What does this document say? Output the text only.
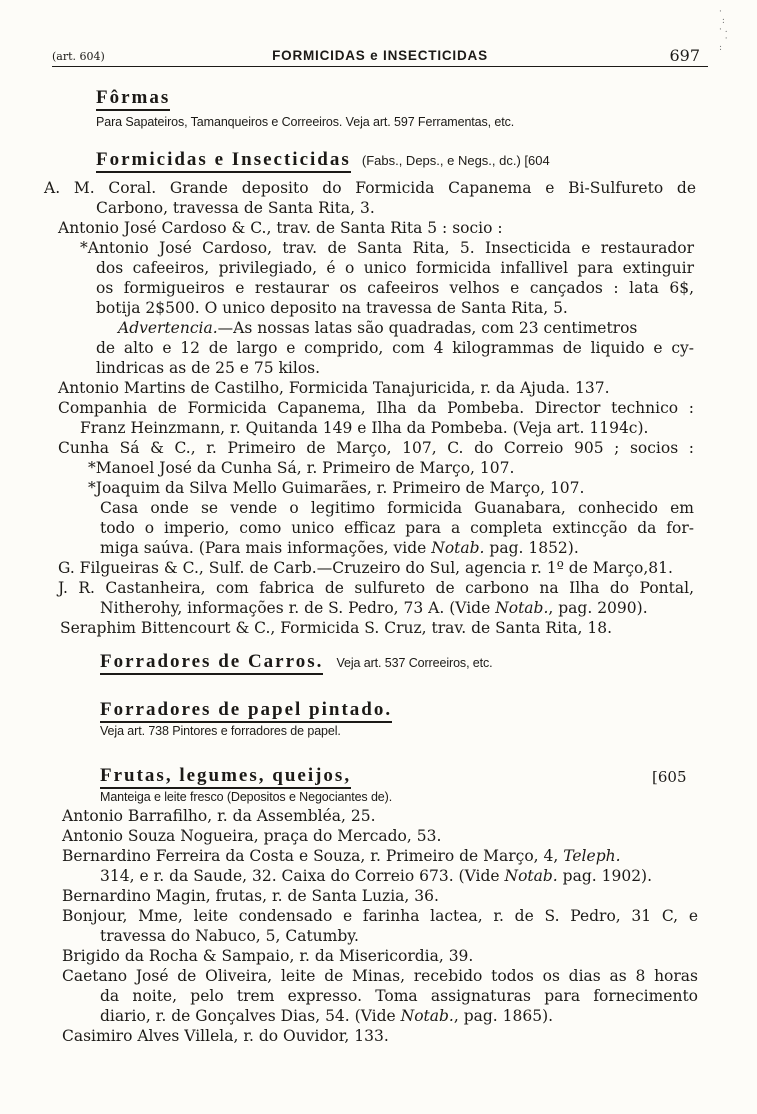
·
:
· .
·
:
(art. 604)	FORMICIDAS e INSECTICIDAS	697
Fôrmas
Para Sapateiros, Tamanqueiros e Correeiros. Veja art. 597 Ferramentas, etc.
Formicidas e Insecticidas (Fabs., Deps., e Negs., dc.) [604
A. M. Coral. Grande deposito do Formicida Capanema e Bi-Sulfureto de
Carbono, travessa de Santa Rita, 3.
Antonio José Cardoso & C., trav. de Santa Rita 5 : socio :
*Antonio José Cardoso, trav. de Santa Rita, 5. Insecticida e restaurador
dos cafeeiros, privilegiado, é o unico formicida infallivel para extinguir
os formigueiros e restaurar os cafeeiros velhos e cançados : lata 6$,
botija 2$500. O unico deposito na travessa de Santa Rita, 5.
Advertencia.—As nossas latas são quadradas, com 23 centimetros
de alto e 12 de largo e comprido, com 4 kilogrammas de liquido e cy-
lindricas as de 25 e 75 kilos.
Antonio Martins de Castilho, Formicida Tanajuricida, r. da Ajuda. 137.
Companhia de Formicida Capanema, Ilha da Pombeba. Director technico :
Franz Heinzmann, r. Quitanda 149 e Ilha da Pombeba. (Veja art. 1194c).
Cunha Sá & C., r. Primeiro de Março, 107, C. do Correio 905 ; socios :
*Manoel José da Cunha Sá, r. Primeiro de Março, 107.
*Joaquim da Silva Mello Guimarães, r. Primeiro de Março, 107.
Casa onde se vende o legitimo formicida Guanabara, conhecido em
todo o imperio, como unico efficaz para a completa extincção da for-
miga saúva. (Para mais informações, vide Notab. pag. 1852).
G. Filgueiras & C., Sulf. de Carb.—Cruzeiro do Sul, agencia r. 1º de Março,81.
J. R. Castanheira, com fabrica de sulfureto de carbono na Ilha do Pontal,
Nitherohy, informações r. de S. Pedro, 73 A. (Vide Notab., pag. 2090).
Seraphim Bittencourt & C., Formicida S. Cruz, trav. de Santa Rita, 18.
Forradores de Carros. Veja art. 537 Correeiros, etc.
Forradores de papel pintado.
Veja art. 738 Pintores e forradores de papel.
Frutas, legumes, queijos,	[605
Manteiga e leite fresco (Depositos e Negociantes de).
Antonio Barrafilho, r. da Assembléa, 25.
Antonio Souza Nogueira, praça do Mercado, 53.
Bernardino Ferreira da Costa e Souza, r. Primeiro de Março, 4, Teleph.
314, e r. da Saude, 32. Caixa do Correio 673. (Vide Notab. pag. 1902).
Bernardino Magin, frutas, r. de Santa Luzia, 36.
Bonjour, Mme, leite condensado e farinha lactea, r. de S. Pedro, 31 C, e
travessa do Nabuco, 5, Catumby.
Brigido da Rocha & Sampaio, r. da Misericordia, 39.
Caetano José de Oliveira, leite de Minas, recebido todos os dias as 8 horas
da noite, pelo trem expresso. Toma assignaturas para fornecimento
diario, r. de Gonçalves Dias, 54. (Vide Notab., pag. 1865).
Casimiro Alves Villela, r. do Ouvidor, 133.
